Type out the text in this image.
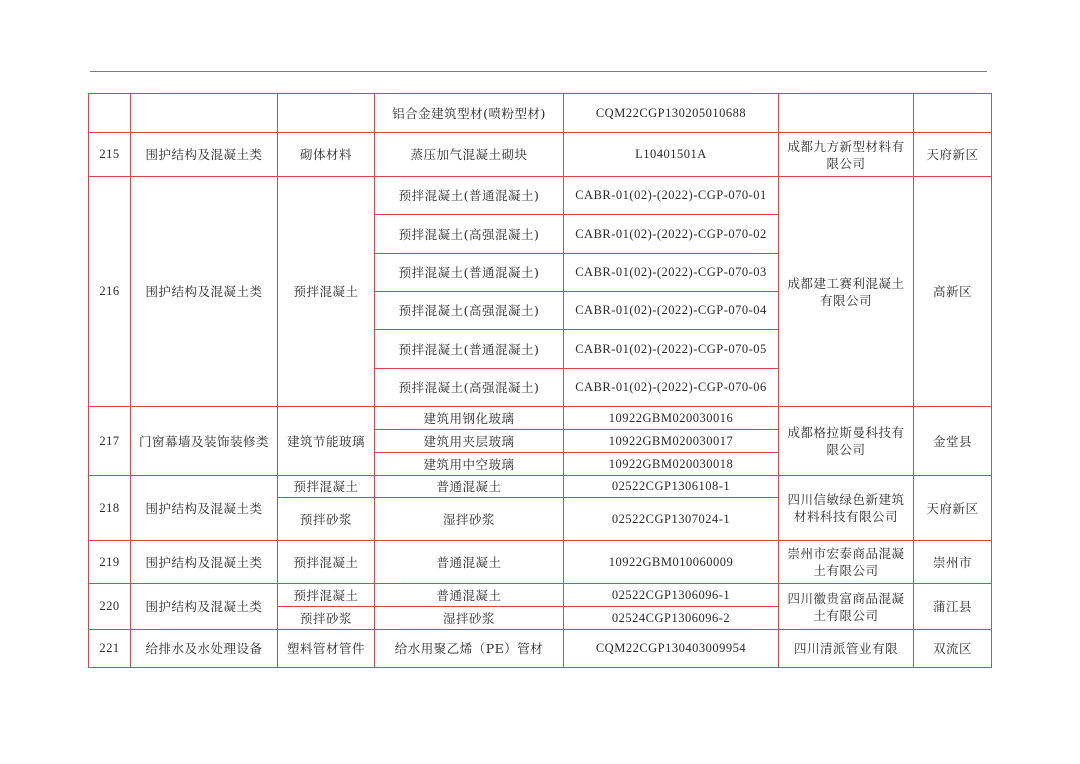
			铝合金建筑型材(喷粉型材)	CQM22CGP130205010688		
215	围护结构及混凝土类	砌体材料	蒸压加气混凝土砌块	L10401501A	成都九方新型材料有限公司	天府新区
216	围护结构及混凝土类	预拌混凝土	预拌混凝土(普通混凝土)	CABR-01(02)-(2022)-CGP-070-01	成都建工赛利混凝土有限公司	高新区
			预拌混凝土(高强混凝土)	CABR-01(02)-(2022)-CGP-070-02		
			预拌混凝土(普通混凝土)	CABR-01(02)-(2022)-CGP-070-03		
			预拌混凝土(高强混凝土)	CABR-01(02)-(2022)-CGP-070-04		
			预拌混凝土(普通混凝土)	CABR-01(02)-(2022)-CGP-070-05		
			预拌混凝土(高强混凝土)	CABR-01(02)-(2022)-CGP-070-06		
217	门窗幕墙及装饰装修类	建筑节能玻璃	建筑用钢化玻璃	10922GBM020030016	成都格拉斯曼科技有限公司	金堂县
			建筑用夹层玻璃	10922GBM020030017		
			建筑用中空玻璃	10922GBM020030018		
218	围护结构及混凝土类	预拌混凝土	普通混凝土	02522CGP1306108-1	四川信敏绿色新建筑材料科技有限公司	天府新区
		预拌砂浆	湿拌砂浆	02522CGP1307024-1		
219	围护结构及混凝土类	预拌混凝土	普通混凝土	10922GBM010060009	崇州市宏泰商品混凝土有限公司	崇州市
220	围护结构及混凝土类	预拌混凝土	普通混凝土	02522CGP1306096-1	四川徽贵富商品混凝土有限公司	蒲江县
		预拌砂浆	湿拌砂浆	02524CGP1306096-2		
221	给排水及水处理设备	塑料管材管件	给水用聚乙烯（PE）管材	CQM22CGP130403009954	四川清派管业有限	双流区
